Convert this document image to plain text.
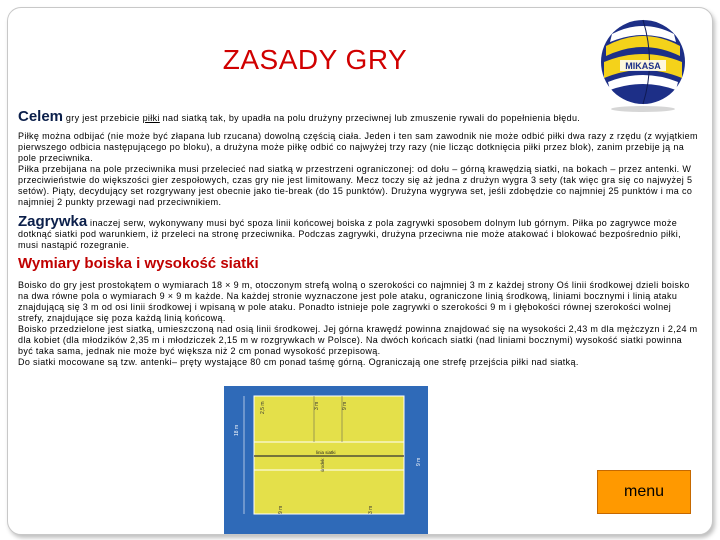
ZASADY GRY	MIKASA
Celem gry jest przebicie piłki nad siatką tak, by upadła na polu drużyny przeciwnej lub zmuszenie rywali do popełnienia błędu.
Piłkę można odbijać (nie może być złapana lub rzucana) dowolną częścią ciała. Jeden i ten sam zawodnik nie może odbić piłki dwa razy z rzędu (z wyjątkiem pierwszego odbicia następującego po bloku), a drużyna może piłkę odbić co najwyżej trzy razy (nie licząc dotknięcia piłki przez blok), zanim przebije ją na pole przeciwnika.
Piłka przebijana na pole przeciwnika musi przelecieć nad siatką w przestrzeni ograniczonej: od dołu – górną krawędzią siatki, na bokach – przez antenki. W przeciwieństwie do większości gier zespołowych, czas gry nie jest limitowany. Mecz toczy się aż jedna z drużyn wygra 3 sety (tak więc gra się co najwyżej 5 setów). Piąty, decydujący set rozgrywany jest obecnie jako tie-break (do 15 punktów). Drużyna wygrywa set, jeśli zdobędzie co najmniej 25 punktów i ma co najmniej 2 punkty przewagi nad przeciwnikiem.
Zagrywka inaczej serw, wykonywany musi być spoza linii końcowej boiska z pola zagrywki sposobem dolnym lub górnym. Piłka po zagrywce może dotknąć siatki pod warunkiem, iż przeleci na stronę przeciwnika. Podczas zagrywki, drużyna przeciwna nie może atakować i blokować bezpośrednio piłki, musi nastąpić rozegranie.
Wymiary boiska i wysokość siatki
Boisko do gry jest prostokątem o wymiarach 18 × 9 m, otoczonym strefą wolną o szerokości co najmniej 3 m z każdej strony Oś linii środkowej dzieli boisko na dwa równe pola o wymiarach 9 × 9 m każde. Na każdej stronie wyznaczone jest pole ataku, ograniczone linią środkową, liniami bocznymi i linią ataku znajdującą się 3 m od osi linii środkowej i wpisaną w pole ataku. Ponadto istnieje pole zagrywki o szerokości 9 m i głębokości równej szerokości wolnej strefy, znajdujące się poza każdą linią końcową.
Boisko przedzielone jest siatką, umieszczoną nad osią linii środkowej. Jej górna krawędź powinna znajdować się na wysokości 2,43 m dla mężczyzn i 2,24 m dla kobiet (dla młodzików 2,35 m i młodziczek 2,15 m w rozgrywkach w Polsce). Na dwóch końcach siatki (nad liniami bocznymi) wysokość siatki powinna być taka sama, jednak nie może być większa niż 2 cm ponad wysokość przepisową.
Do siatki mocowane są tzw. antenki– pręty wystające 80 cm ponad taśmę górną. Ograniczają one strefę przejścia piłki nad siatką.
18 m
2,5 m	3 m	9 m
linia siatki
środek	9 m
9 m	3 m
menu
